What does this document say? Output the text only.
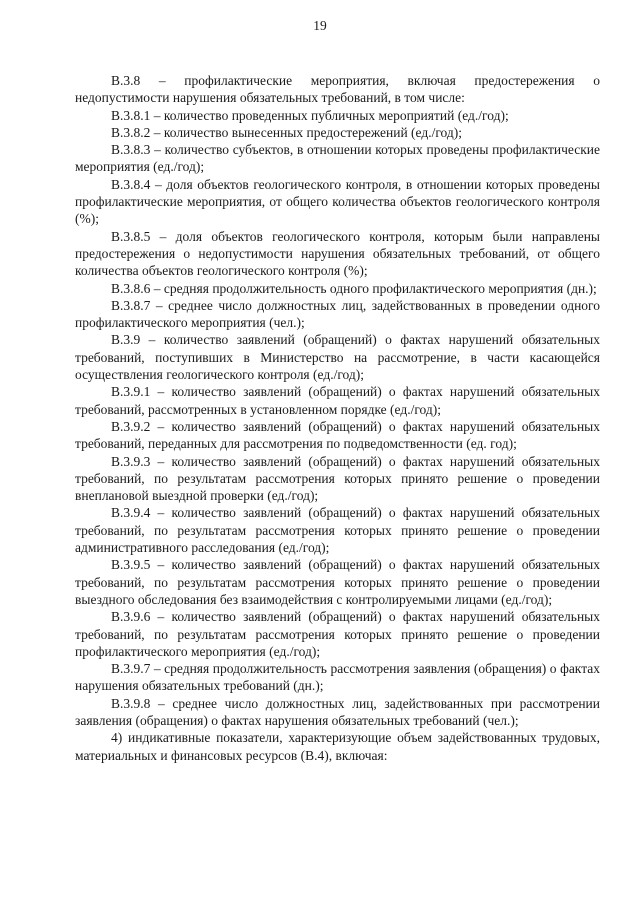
19

В.3.8 – профилактические мероприятия, включая предостережения о недопустимости нарушения обязательных требований, в том числе:

В.3.8.1 – количество проведенных публичных мероприятий (ед./год);

В.3.8.2 – количество вынесенных предостережений (ед./год);

В.3.8.3 – количество субъектов, в отношении которых проведены профилактические мероприятия (ед./год);

В.3.8.4 – доля объектов геологического контроля, в отношении которых проведены профилактические мероприятия, от общего количества объектов геологического контроля (%);

В.3.8.5 – доля объектов геологического контроля, которым были направлены предостережения о недопустимости нарушения обязательных требований, от общего количества объектов геологического контроля (%);

В.3.8.6 – средняя продолжительность одного профилактического мероприятия (дн.);

В.3.8.7 – среднее число должностных лиц, задействованных в проведении одного профилактического мероприятия (чел.);

В.3.9 – количество заявлений (обращений) о фактах нарушений обязательных требований, поступивших в Министерство на рассмотрение, в части касающейся осуществления геологического контроля (ед./год);

В.3.9.1 – количество заявлений (обращений) о фактах нарушений обязательных требований, рассмотренных в установленном порядке (ед./год);

В.3.9.2 – количество заявлений (обращений) о фактах нарушений обязательных требований, переданных для рассмотрения по подведомственности (ед. год);

В.3.9.3 – количество заявлений (обращений) о фактах нарушений обязательных требований, по результатам рассмотрения которых принято решение о проведении внеплановой выездной проверки (ед./год);

В.3.9.4 – количество заявлений (обращений) о фактах нарушений обязательных требований, по результатам рассмотрения которых принято решение о проведении административного расследования (ед./год);

В.3.9.5 – количество заявлений (обращений) о фактах нарушений обязательных требований, по результатам рассмотрения которых принято решение о проведении выездного обследования без взаимодействия с контролируемыми лицами (ед./год);

В.3.9.6 – количество заявлений (обращений) о фактах нарушений обязательных требований, по результатам рассмотрения которых принято решение о проведении профилактического мероприятия (ед./год);

В.3.9.7 – средняя продолжительность рассмотрения заявления (обращения) о фактах нарушения обязательных требований (дн.);

В.3.9.8 – среднее число должностных лиц, задействованных при рассмотрении заявления (обращения) о фактах нарушения обязательных требований (чел.);

4) индикативные показатели, характеризующие объем задействованных трудовых, материальных и финансовых ресурсов (В.4), включая:
